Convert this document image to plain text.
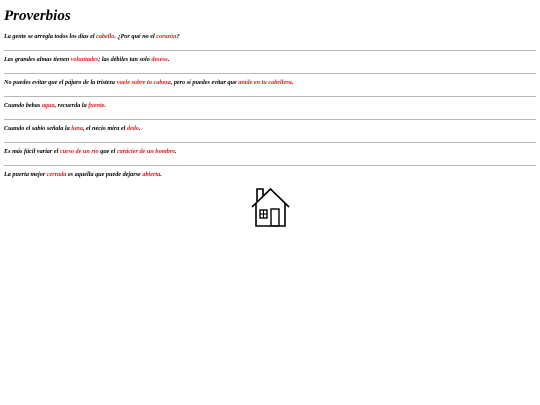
Proverbios
La gente se arregla todos los días el cabello. ¿Por qué no el corazón?
Las grandes almas tienen voluntades; las débiles tan solo deseos.
No puedes evitar que el pájaro de la tristeza vuele sobre tu cabeza, pero sí puedes evitar que anide en tu cabellera.
Cuando bebas agua, recuerda la fuente.
Cuando el sabio señala la luna, el necio mira el dedo.
Es más fácil variar el curso de un río que el carácter de un hombre.
La puerta mejor cerrada es aquella que puede dejarse abierta.
